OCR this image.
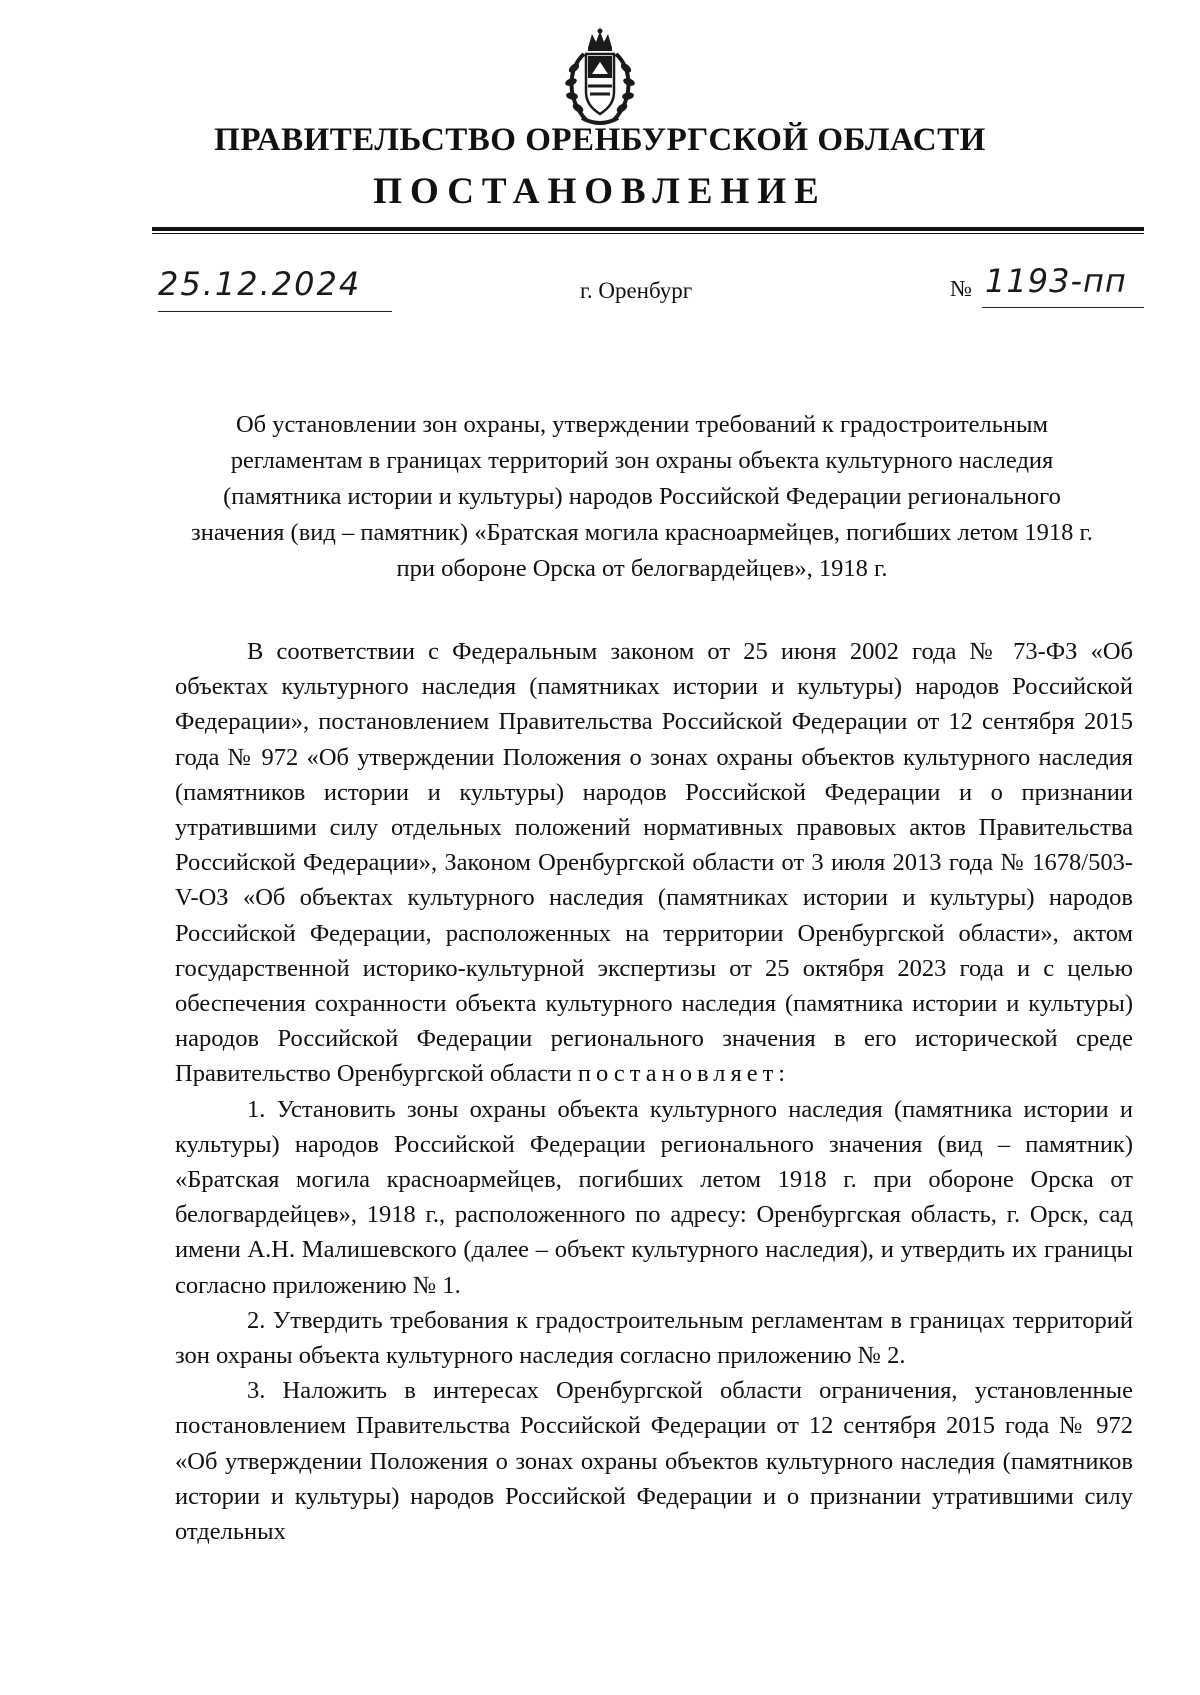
ПРАВИТЕЛЬСТВО ОРЕНБУРГСКОЙ ОБЛАСТИ
ПОСТАНОВЛЕНИЕ
25.12.2024	г. Оренбург	№ 1193-пп
Об установлении зон охраны, утверждении требований к градостроительным регламентам в границах территорий зон охраны объекта культурного наследия (памятника истории и культуры) народов Российской Федерации регионального значения (вид – памятник) «Братская могила красноармейцев, погибших летом 1918 г. при обороне Орска от белогвардейцев», 1918 г.

В соответствии с Федеральным законом от 25 июня 2002 года № 73-ФЗ «Об объектах культурного наследия (памятниках истории и культуры) народов Российской Федерации», постановлением Правительства Российской Федерации от 12 сентября 2015 года № 972 «Об утверждении Положения о зонах охраны объектов культурного наследия (памятников истории и культуры) народов Российской Федерации и о признании утратившими силу отдельных положений нормативных правовых актов Правительства Российской Федерации», Законом Оренбургской области от 3 июля 2013 года № 1678/503-V-ОЗ «Об объектах культурного наследия (памятниках истории и культуры) народов Российской Федерации, расположенных на территории Оренбургской области», актом государственной историко-культурной экспертизы от 25 октября 2023 года и с целью обеспечения сохранности объекта культурного наследия (памятника истории и культуры) народов Российской Федерации регионального значения в его исторической среде Правительство Оренбургской области постановляет:

1. Установить зоны охраны объекта культурного наследия (памятника истории и культуры) народов Российской Федерации регионального значения (вид – памятник) «Братская могила красноармейцев, погибших летом 1918 г. при обороне Орска от белогвардейцев», 1918 г., расположенного по адресу: Оренбургская область, г. Орск, сад имени А.Н. Малишевского (далее – объект культурного наследия), и утвердить их границы согласно приложению № 1.

2. Утвердить требования к градостроительным регламентам в границах территорий зон охраны объекта культурного наследия согласно приложению № 2.

3. Наложить в интересах Оренбургской области ограничения, установленные постановлением Правительства Российской Федерации от 12 сентября 2015 года № 972 «Об утверждении Положения о зонах охраны объектов культурного наследия (памятников истории и культуры) народов Российской Федерации и о признании утратившими силу отдельных
